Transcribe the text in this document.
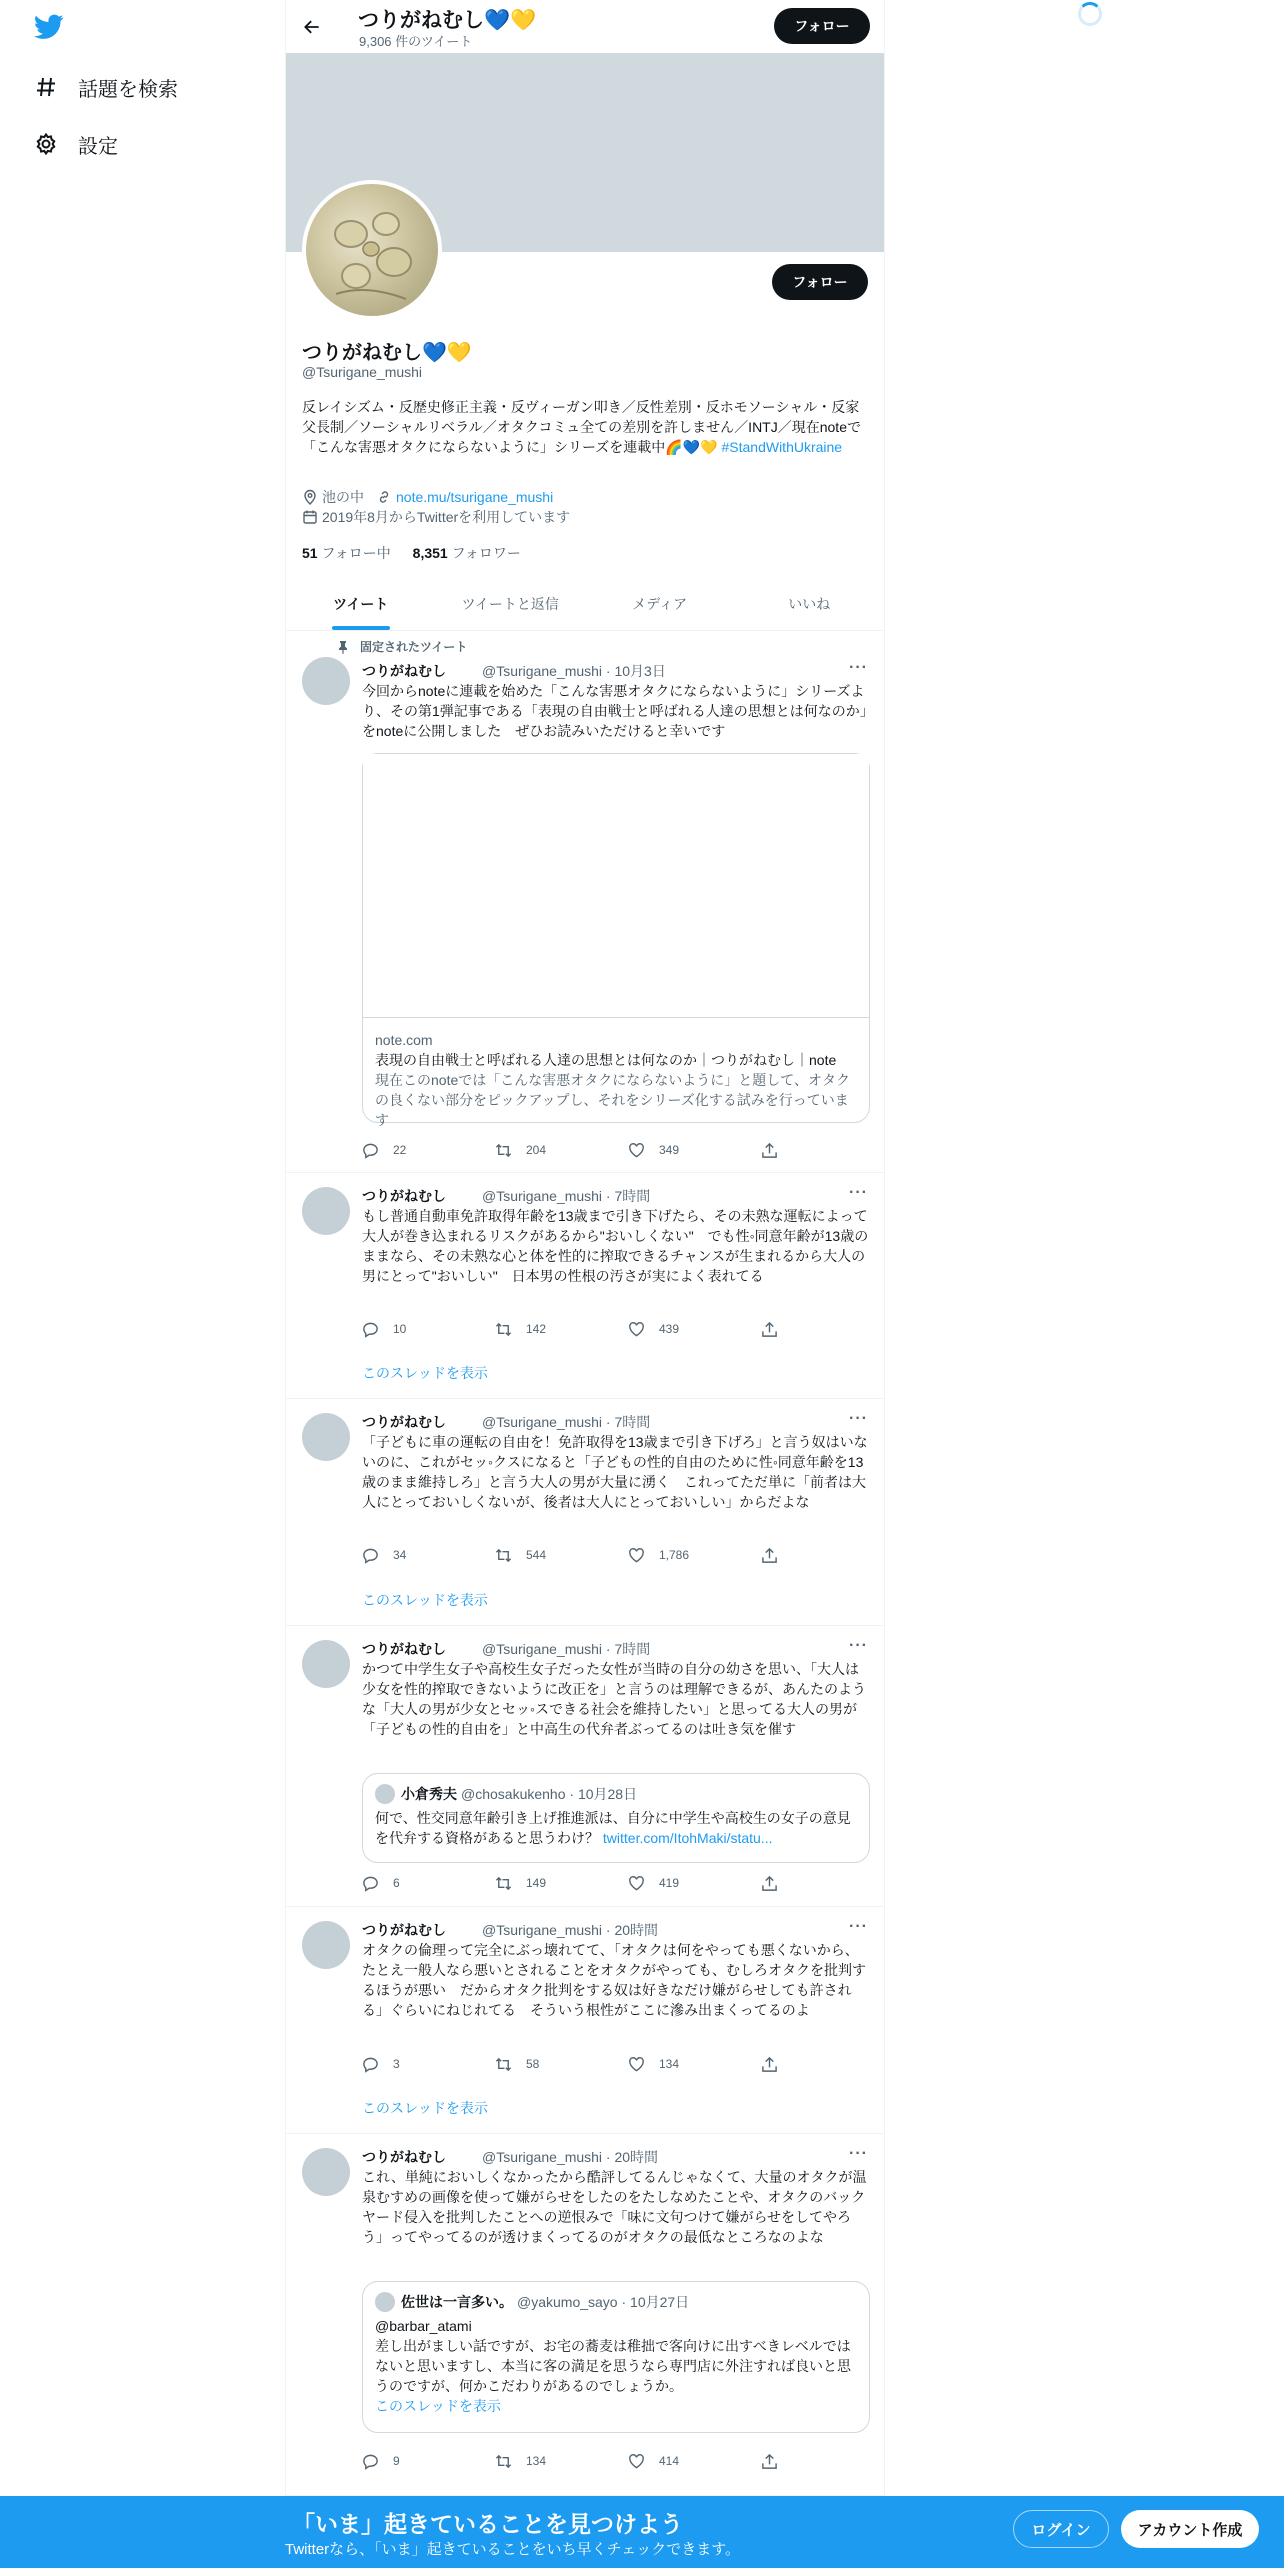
話題を検索
設定
つりがねむし💙💛
9,306 件のツイート
フォロー
フォロー
つりがねむし💙💛
@Tsurigane_mushi
反レイシズム・反歴史修正主義・反ヴィーガン叩き／反性差別・反ホモソーシャル・反家父長制／ソーシャルリベラル／オタクコミュ全ての差別を許しません／INTJ／現在noteで「こんな害悪オタクにならないように」シリーズを連載中🌈💙💛 #StandWithUkraine
池の中 note.mu/tsurigane_mushi
2019年8月からTwitterを利用しています
51 フォロー中 8,351 フォロワー
ツイート	ツイートと返信	メディア	いいね
固定されたツイート
つりがねむし	@Tsurigane_mushi · 10月3日	···
今回からnoteに連載を始めた「こんな害悪オタクにならないように」シリーズより、その第1弾記事である「表現の自由戦士と呼ばれる人達の思想とは何なのか」をnoteに公開しました　ぜひお読みいただけると幸いです
note.com
表現の自由戦士と呼ばれる人達の思想とは何なのか｜つりがねむし｜note
現在このnoteでは「こんな害悪オタクにならないように」と題して、オタクの良くない部分をピックアップし、それをシリーズ化する試みを行っています
22	204	349
つりがねむし	@Tsurigane_mushi · 7時間	···
もし普通自動車免許取得年齢を13歳まで引き下げたら、その未熟な運転によって大人が巻き込まれるリスクがあるから"おいしくない"　でも性◦同意年齢が13歳のままなら、その未熟な心と体を性的に搾取できるチャンスが生まれるから大人の男にとって"おいしい"　日本男の性根の汚さが実によく表れてる
10	142	439
このスレッドを表示
つりがねむし	@Tsurigane_mushi · 7時間	···
「子どもに車の運転の自由を！免許取得を13歳まで引き下げろ」と言う奴はいないのに、これがセッ◦クスになると「子どもの性的自由のために性◦同意年齢を13歳のまま維持しろ」と言う大人の男が大量に湧く　これってただ単に「前者は大人にとっておいしくないが、後者は大人にとっておいしい」からだよな
34	544	1,786
このスレッドを表示
つりがねむし	@Tsurigane_mushi · 7時間	···
かつて中学生女子や高校生女子だった女性が当時の自分の幼さを思い、「大人は少女を性的搾取できないように改正を」と言うのは理解できるが、あんたのような「大人の男が少女とセッ◦スできる社会を維持したい」と思ってる大人の男が「子どもの性的自由を」と中高生の代弁者ぶってるのは吐き気を催す
小倉秀夫 @chosakukenho · 10月28日
何で、性交同意年齢引き上げ推進派は、自分に中学生や高校生の女子の意見を代弁する資格があると思うわけ？ twitter.com/ItohMaki/statu...
6	149	419
つりがねむし	@Tsurigane_mushi · 20時間	···
オタクの倫理って完全にぶっ壊れてて、「オタクは何をやっても悪くないから、たとえ一般人なら悪いとされることをオタクがやっても、むしろオタクを批判するほうが悪い　だからオタク批判をする奴は好きなだけ嫌がらせしても許される」ぐらいにねじれてる　そういう根性がここに滲み出まくってるのよ
3	58	134
このスレッドを表示
つりがねむし	@Tsurigane_mushi · 20時間	···
これ、単純においしくなかったから酷評してるんじゃなくて、大量のオタクが温泉むすめの画像を使って嫌がらせをしたのをたしなめたことや、オタクのバックヤード侵入を批判したことへの逆恨みで「味に文句つけて嫌がらせをしてやろう」ってやってるのが透けまくってるのがオタクの最低なところなのよな
佐世は一言多い。 @yakumo_sayo · 10月27日
@barbar_atami
差し出がましい話ですが、お宅の蕎麦は稚拙で客向けに出すべきレベルではないと思いますし、本当に客の満足を思うなら専門店に外注すれば良いと思うのですが、何かこだわりがあるのでしょうか。
このスレッドを表示
9	134	414
「いま」起きていることを見つけよう
Twitterなら、「いま」起きていることをいち早くチェックできます。
ログイン	アカウント作成
